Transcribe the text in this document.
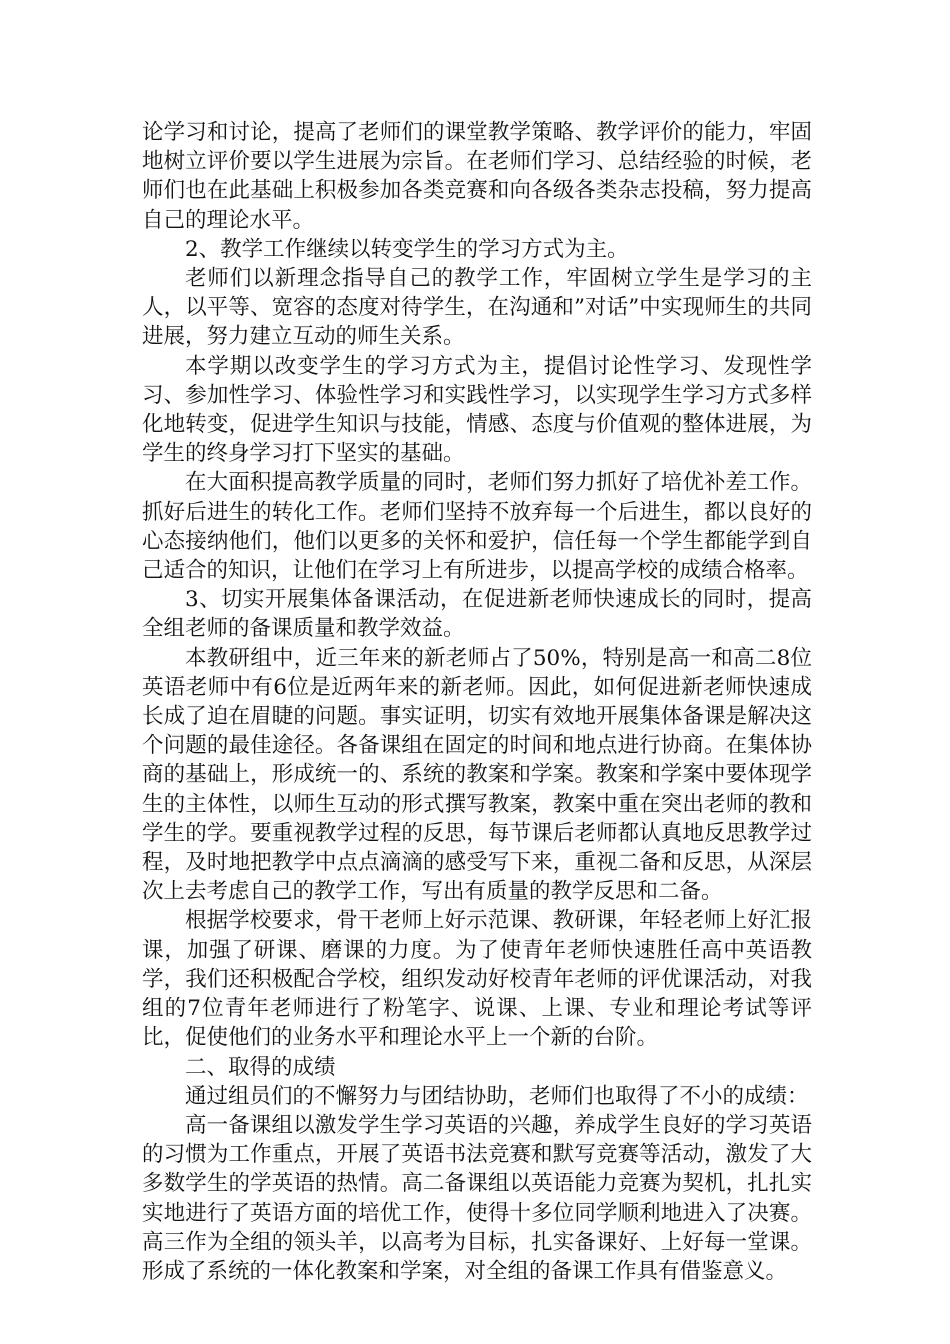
论学习和讨论，提高了老师们的课堂教学策略、教学评价的能力，牢固地树立评价要以学生进展为宗旨。在老师们学习、总结经验的时候，老师们也在此基础上积极参加各类竞赛和向各级各类杂志投稿，努力提高自己的理论水平。

2、教学工作继续以转变学生的学习方式为主。

老师们以新理念指导自己的教学工作，牢固树立学生是学习的主人，以平等、宽容的态度对待学生，在沟通和”对话”中实现师生的共同进展，努力建立互动的师生关系。

本学期以改变学生的学习方式为主，提倡讨论性学习、发现性学习、参加性学习、体验性学习和实践性学习，以实现学生学习方式多样化地转变，促进学生知识与技能，情感、态度与价值观的整体进展，为学生的终身学习打下坚实的基础。

在大面积提高教学质量的同时，老师们努力抓好了培优补差工作。抓好后进生的转化工作。老师们坚持不放弃每一个后进生，都以良好的心态接纳他们，他们以更多的关怀和爱护，信任每一个学生都能学到自己适合的知识，让他们在学习上有所进步，以提高学校的成绩合格率。

3、切实开展集体备课活动，在促进新老师快速成长的同时，提高全组老师的备课质量和教学效益。

本教研组中，近三年来的新老师占了50%，特别是高一和高二8位英语老师中有6位是近两年来的新老师。因此，如何促进新老师快速成长成了迫在眉睫的问题。事实证明，切实有效地开展集体备课是解决这个问题的最佳途径。各备课组在固定的时间和地点进行协商。在集体协商的基础上，形成统一的、系统的教案和学案。教案和学案中要体现学生的主体性，以师生互动的形式撰写教案，教案中重在突出老师的教和学生的学。要重视教学过程的反思，每节课后老师都认真地反思教学过程，及时地把教学中点点滴滴的感受写下来，重视二备和反思，从深层次上去考虑自己的教学工作，写出有质量的教学反思和二备。

根据学校要求，骨干老师上好示范课、教研课，年轻老师上好汇报课，加强了研课、磨课的力度。为了使青年老师快速胜任高中英语教学，我们还积极配合学校，组织发动好校青年老师的评优课活动，对我组的7位青年老师进行了粉笔字、说课、上课、专业和理论考试等评比，促使他们的业务水平和理论水平上一个新的台阶。

二、取得的成绩

通过组员们的不懈努力与团结协助，老师们也取得了不小的成绩：

高一备课组以激发学生学习英语的兴趣，养成学生良好的学习英语的习惯为工作重点，开展了英语书法竞赛和默写竞赛等活动，激发了大多数学生的学英语的热情。高二备课组以英语能力竞赛为契机，扎扎实实地进行了英语方面的培优工作，使得十多位同学顺利地进入了决赛。高三作为全组的领头羊，以高考为目标，扎实备课好、上好每一堂课。形成了系统的一体化教案和学案，对全组的备课工作具有借鉴意义。
